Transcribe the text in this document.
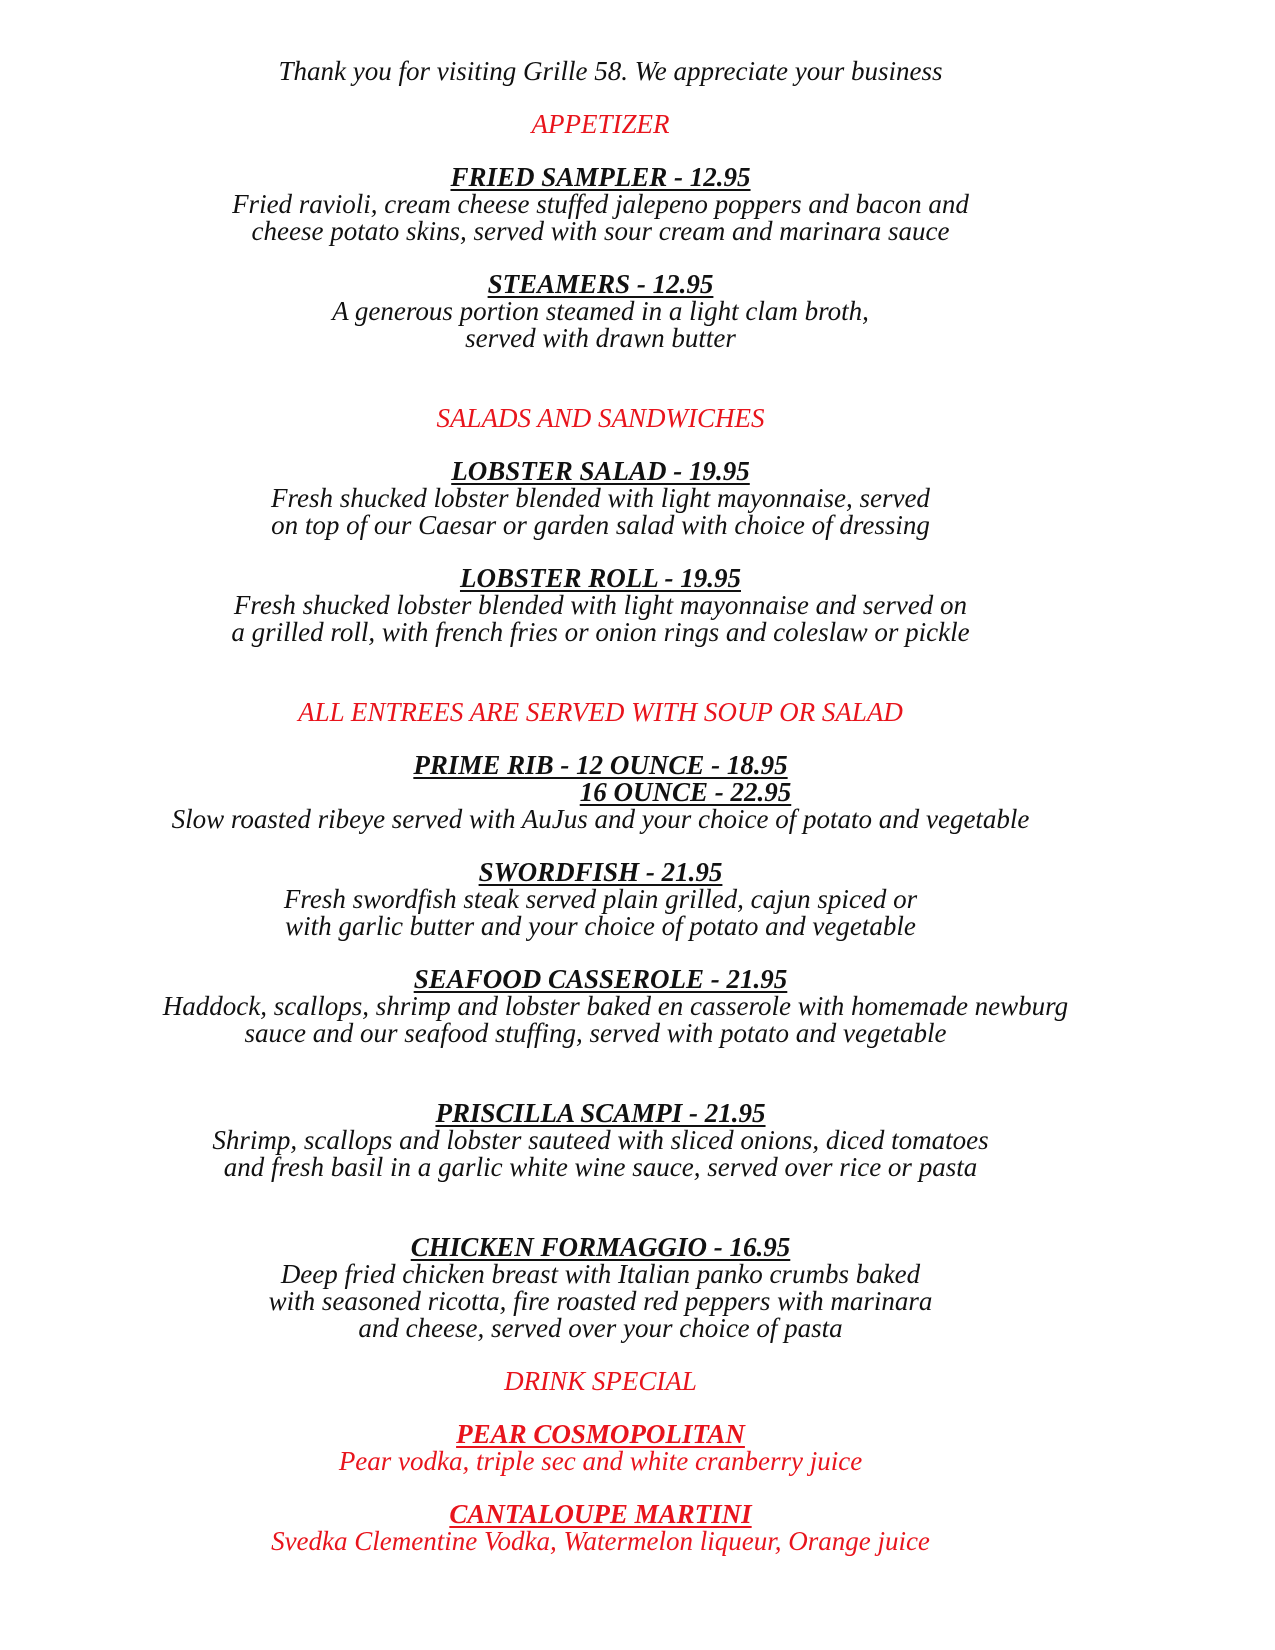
Thank you for visiting Grille 58. We appreciate your business
APPETIZER
FRIED SAMPLER - 12.95
Fried ravioli, cream cheese stuffed jalepeno poppers and bacon and
cheese potato skins, served with sour cream and marinara sauce
STEAMERS - 12.95
A generous portion steamed in a light clam broth,
served with drawn butter
SALADS AND SANDWICHES
LOBSTER SALAD - 19.95
Fresh shucked lobster blended with light mayonnaise, served
on top of our Caesar or garden salad with choice of dressing
LOBSTER ROLL - 19.95
Fresh shucked lobster blended with light mayonnaise and served on
a grilled roll, with french fries or onion rings and coleslaw or pickle
ALL ENTREES ARE SERVED WITH SOUP OR SALAD
PRIME RIB - 12 OUNCE - 18.95
16 OUNCE - 22.95
Slow roasted ribeye served with AuJus and your choice of potato and vegetable
SWORDFISH - 21.95
Fresh swordfish steak served plain grilled, cajun spiced or
with garlic butter and your choice of potato and vegetable
SEAFOOD CASSEROLE - 21.95
Haddock, scallops, shrimp and lobster baked en casserole with homemade newburg
sauce and our seafood stuffing, served with potato and vegetable
PRISCILLA SCAMPI - 21.95
Shrimp, scallops and lobster sauteed with sliced onions, diced tomatoes
and fresh basil in a garlic white wine sauce, served over rice or pasta
CHICKEN FORMAGGIO - 16.95
Deep fried chicken breast with Italian panko crumbs baked
with seasoned ricotta, fire roasted red peppers with marinara
and cheese, served over your choice of pasta
DRINK SPECIAL
PEAR COSMOPOLITAN
Pear vodka, triple sec and white cranberry juice
CANTALOUPE MARTINI
Svedka Clementine Vodka, Watermelon liqueur, Orange juice
